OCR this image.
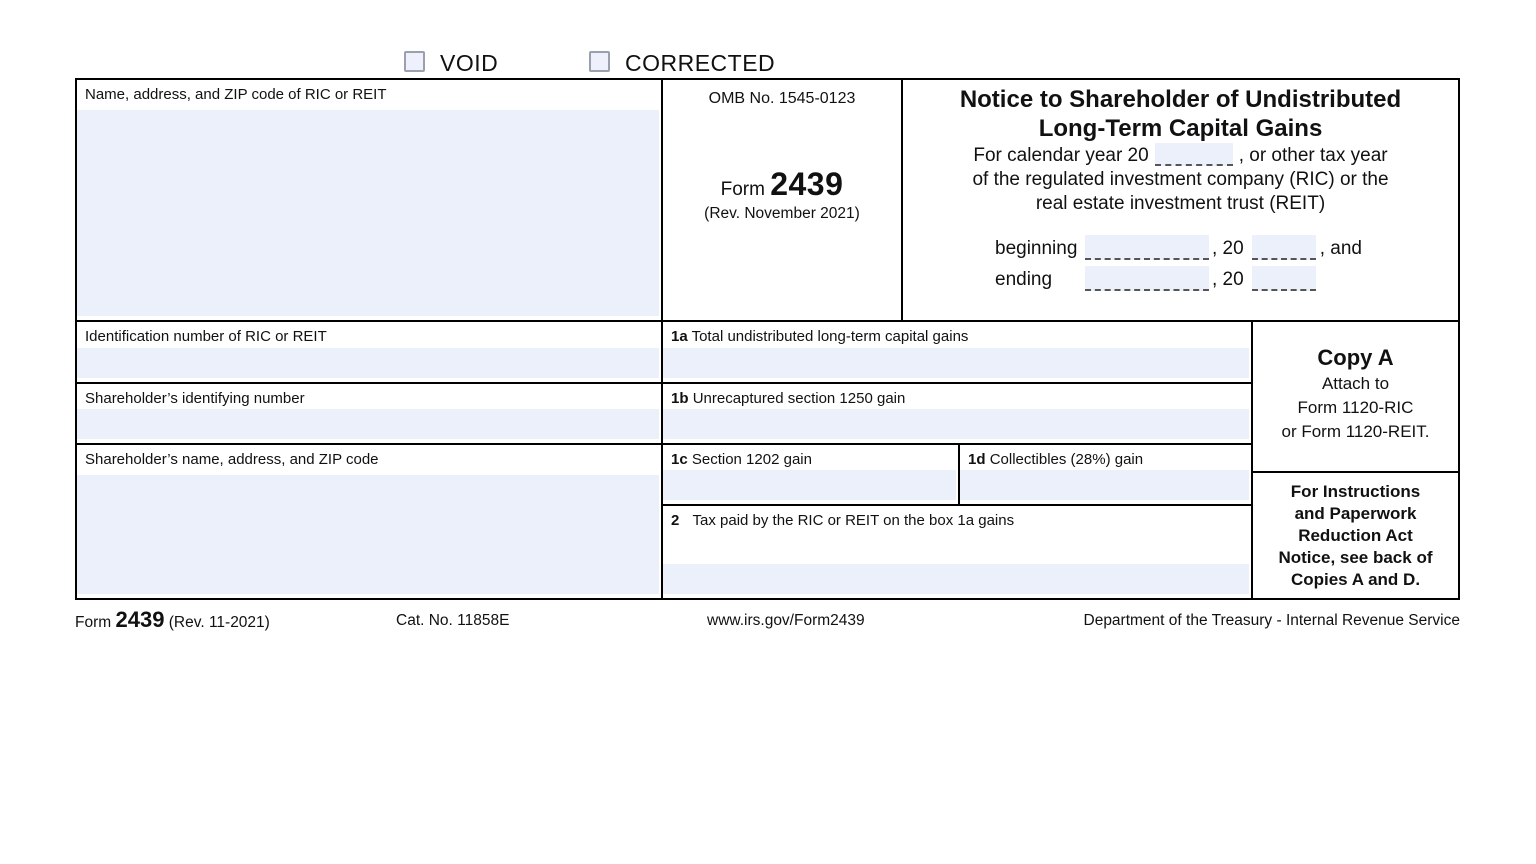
VOID	CORRECTED
Name, address, and ZIP code of RIC or REIT	OMB No. 1545-0123
Form 2439
(Rev. November 2021)
Notice to Shareholder of Undistributed
Long-Term Capital Gains
For calendar year 20	, or other tax year
of the regulated investment company (RIC) or the
real estate investment trust (REIT)
beginning	, 20	, and
ending	, 20
Identification number of RIC or REIT
Shareholder’s identifying number
Shareholder’s name, address, and ZIP code
1a Total undistributed long-term capital gains
1b Unrecaptured section 1250 gain
1c Section 1202 gain	1d Collectibles (28%) gain
2 Tax paid by the RIC or REIT on the box 1a gains
Copy A
Attach to
Form 1120-RIC
or Form 1120-REIT.
For Instructions
and Paperwork
Reduction Act
Notice, see back of
Copies A and D.
Form 2439 (Rev. 11-2021)	Cat. No. 11858E	www.irs.gov/Form2439	Department of the Treasury - Internal Revenue Service
